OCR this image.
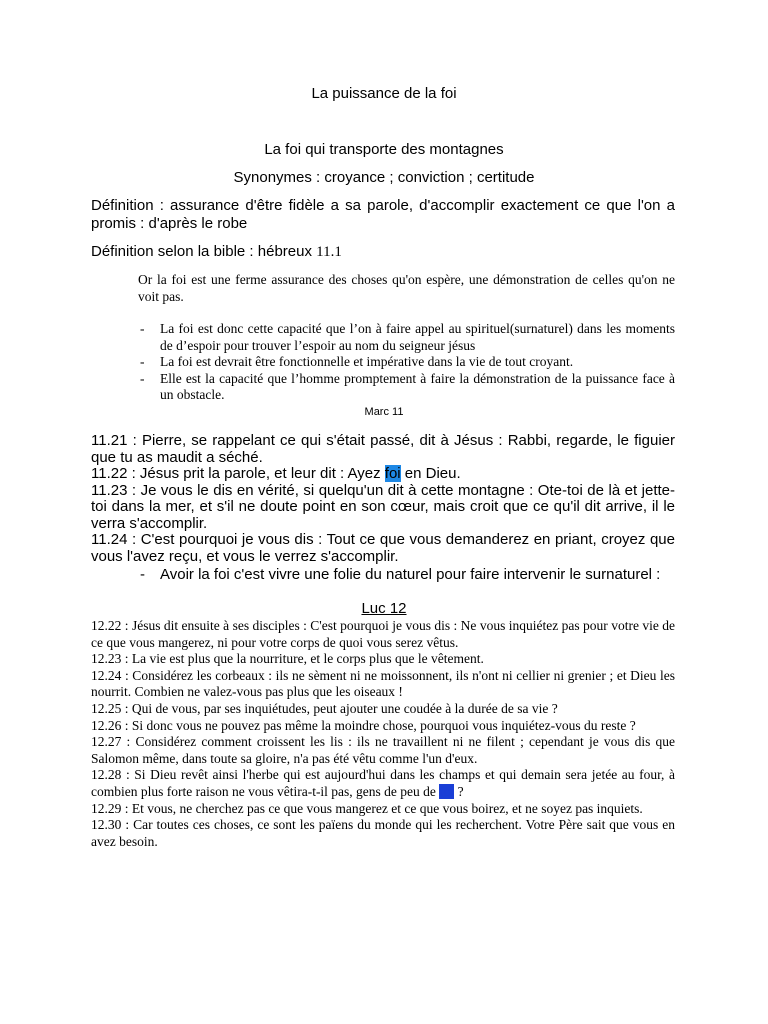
La puissance de la foi
La foi qui transporte des montagnes
Synonymes : croyance ; conviction ; certitude
Définition : assurance d'être fidèle a sa parole, d'accomplir exactement ce que l'on a promis : d'après le robe
Définition selon la bible : hébreux 11.1
Or la foi est une ferme assurance des choses qu'on espère, une démonstration de celles qu'on ne voit pas.
- La foi est donc cette capacité que l’on à faire appel au spirituel(surnaturel) dans les moments de d’espoir pour trouver l’espoir au nom du seigneur jésus
- La foi est devrait être fonctionnelle et impérative dans la vie de tout croyant.
- Elle est la capacité que l’homme promptement à faire la démonstration de la puissance face à un obstacle.
Marc 11
11.21 : Pierre, se rappelant ce qui s'était passé, dit à Jésus : Rabbi, regarde, le figuier que tu as maudit a séché.
11.22 : Jésus prit la parole, et leur dit : Ayez foi en Dieu.
11.23 : Je vous le dis en vérité, si quelqu'un dit à cette montagne : Ote-toi de là et jette-toi dans la mer, et s'il ne doute point en son cœur, mais croit que ce qu'il dit arrive, il le verra s'accomplir.
11.24 : C'est pourquoi je vous dis : Tout ce que vous demanderez en priant, croyez que vous l'avez reçu, et vous le verrez s'accomplir.
- Avoir la foi c'est vivre une folie du naturel pour faire intervenir le surnaturel :
Luc 12
12.22 : Jésus dit ensuite à ses disciples : C'est pourquoi je vous dis : Ne vous inquiétez pas pour votre vie de ce que vous mangerez, ni pour votre corps de quoi vous serez vêtus.
12.23 : La vie est plus que la nourriture, et le corps plus que le vêtement.
12.24 : Considérez les corbeaux : ils ne sèment ni ne moissonnent, ils n'ont ni cellier ni grenier ; et Dieu les nourrit. Combien ne valez-vous pas plus que les oiseaux !
12.25 : Qui de vous, par ses inquiétudes, peut ajouter une coudée à la durée de sa vie ?
12.26 : Si donc vous ne pouvez pas même la moindre chose, pourquoi vous inquiétez-vous du reste ?
12.27 : Considérez comment croissent les lis : ils ne travaillent ni ne filent ; cependant je vous dis que Salomon même, dans toute sa gloire, n'a pas été vêtu comme l'un d'eux.
12.28 : Si Dieu revêt ainsi l'herbe qui est aujourd'hui dans les champs et qui demain sera jetée au four, à combien plus forte raison ne vous vêtira-t-il pas, gens de peu de foi ?
12.29 : Et vous, ne cherchez pas ce que vous mangerez et ce que vous boirez, et ne soyez pas inquiets.
12.30 : Car toutes ces choses, ce sont les païens du monde qui les recherchent. Votre Père sait que vous en avez besoin.
